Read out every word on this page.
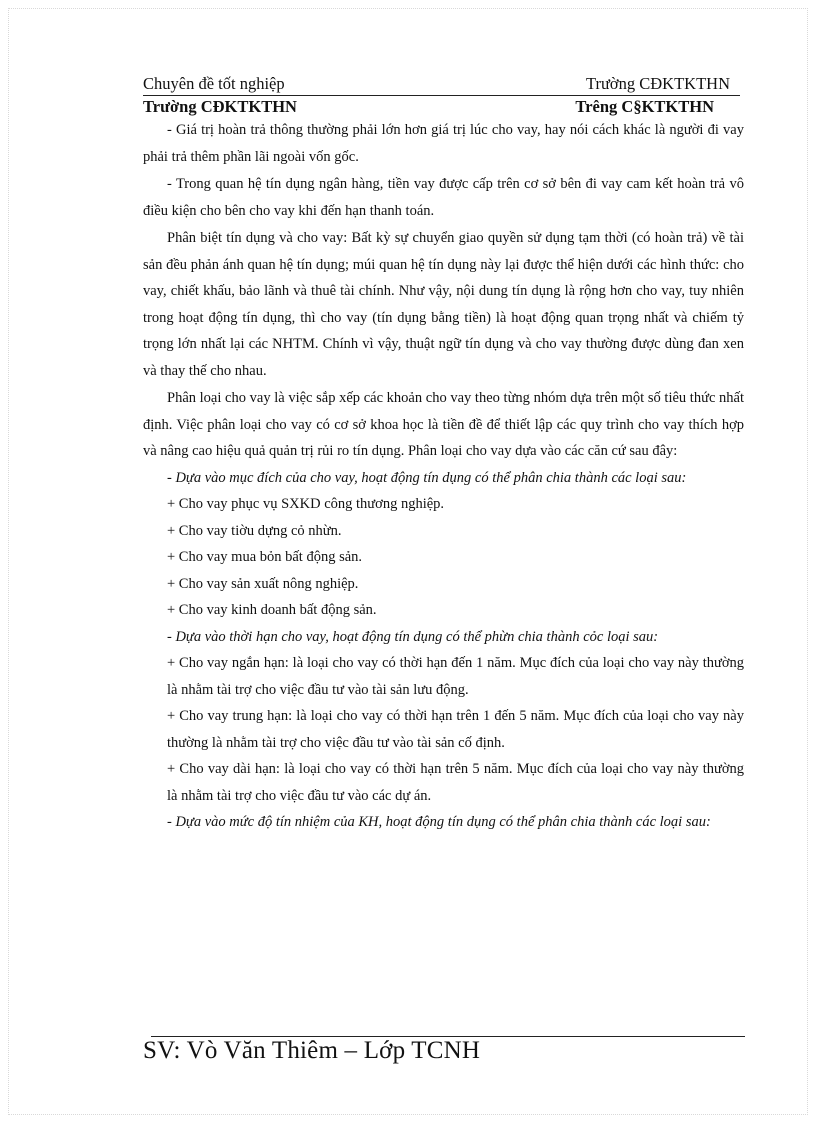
Chuyên đề tốt nghiệp	Trường CĐKTKTHN
Trường CĐKTKTHN	Trêng C§KTKTHN

- Giá trị hoàn trả thông thường phải lớn hơn giá trị lúc cho vay, hay nói cách khác là người đi vay phải trả thêm phần lãi ngoài vốn gốc.

- Trong quan hệ tín dụng ngân hàng, tiền vay được cấp trên cơ sở bên đi vay cam kết hoàn trả vô điều kiện cho bên cho vay khi đến hạn thanh toán.

Phân biệt tín dụng và cho vay: Bất kỳ sự chuyển giao quyền sử dụng tạm thời (có hoàn trả) về tài sản đều phản ánh quan hệ tín dụng; múi quan hệ tín dụng này lại được thể hiện dưới các hình thức: cho vay, chiết khấu, bảo lãnh và thuê tài chính. Như vậy, nội dung tín dụng là rộng hơn cho vay, tuy nhiên trong hoạt động tín dụng, thì cho vay (tín dụng bằng tiền) là hoạt động quan trọng nhất và chiếm tỷ trọng lớn nhất lại các NHTM. Chính vì vậy, thuật ngữ tín dụng và cho vay thường được dùng đan xen và thay thế cho nhau.

Phân loại cho vay là việc sắp xếp các khoản cho vay theo từng nhóm dựa trên một số tiêu thức nhất định. Việc phân loại cho vay có cơ sở khoa học là tiền đề để thiết lập các quy trình cho vay thích hợp và nâng cao hiệu quả quản trị rủi ro tín dụng. Phân loại cho vay dựa vào các căn cứ sau đây:

- Dựa vào mục đích của cho vay, hoạt động tín dụng có thể phân chia thành các loại sau:

+ Cho vay phục vụ SXKD công thương nghiệp.

+ Cho vay tiờu dựng cỏ nhừn.

+ Cho vay mua bỏn bất động sản.

+ Cho vay sản xuất nông nghiệp.

+ Cho vay kinh doanh bất động sản.

- Dựa vào thời hạn cho vay, hoạt động tín dụng có thể phừn chia thành cỏc loại sau:

+ Cho vay ngắn hạn: là loại cho vay có thời hạn đến 1 năm. Mục đích của loại cho vay này thường là nhằm tài trợ cho việc đầu tư vào tài sản lưu động.

+ Cho vay trung hạn: là loại cho vay có thời hạn trên 1 đến 5 năm. Mục đích của loại cho vay này thường là nhằm tài trợ cho việc đầu tư vào tài sản cố định.

+ Cho vay dài hạn: là loại cho vay có thời hạn trên 5 năm. Mục đích của loại cho vay này thường là nhằm tài trợ cho việc đầu tư vào các dự án.

- Dựa vào mức độ tín nhiệm của KH, hoạt động tín dụng có thể phân chia thành các loại sau:

SV: Vò Văn Thiêm – Lớp TCNH
